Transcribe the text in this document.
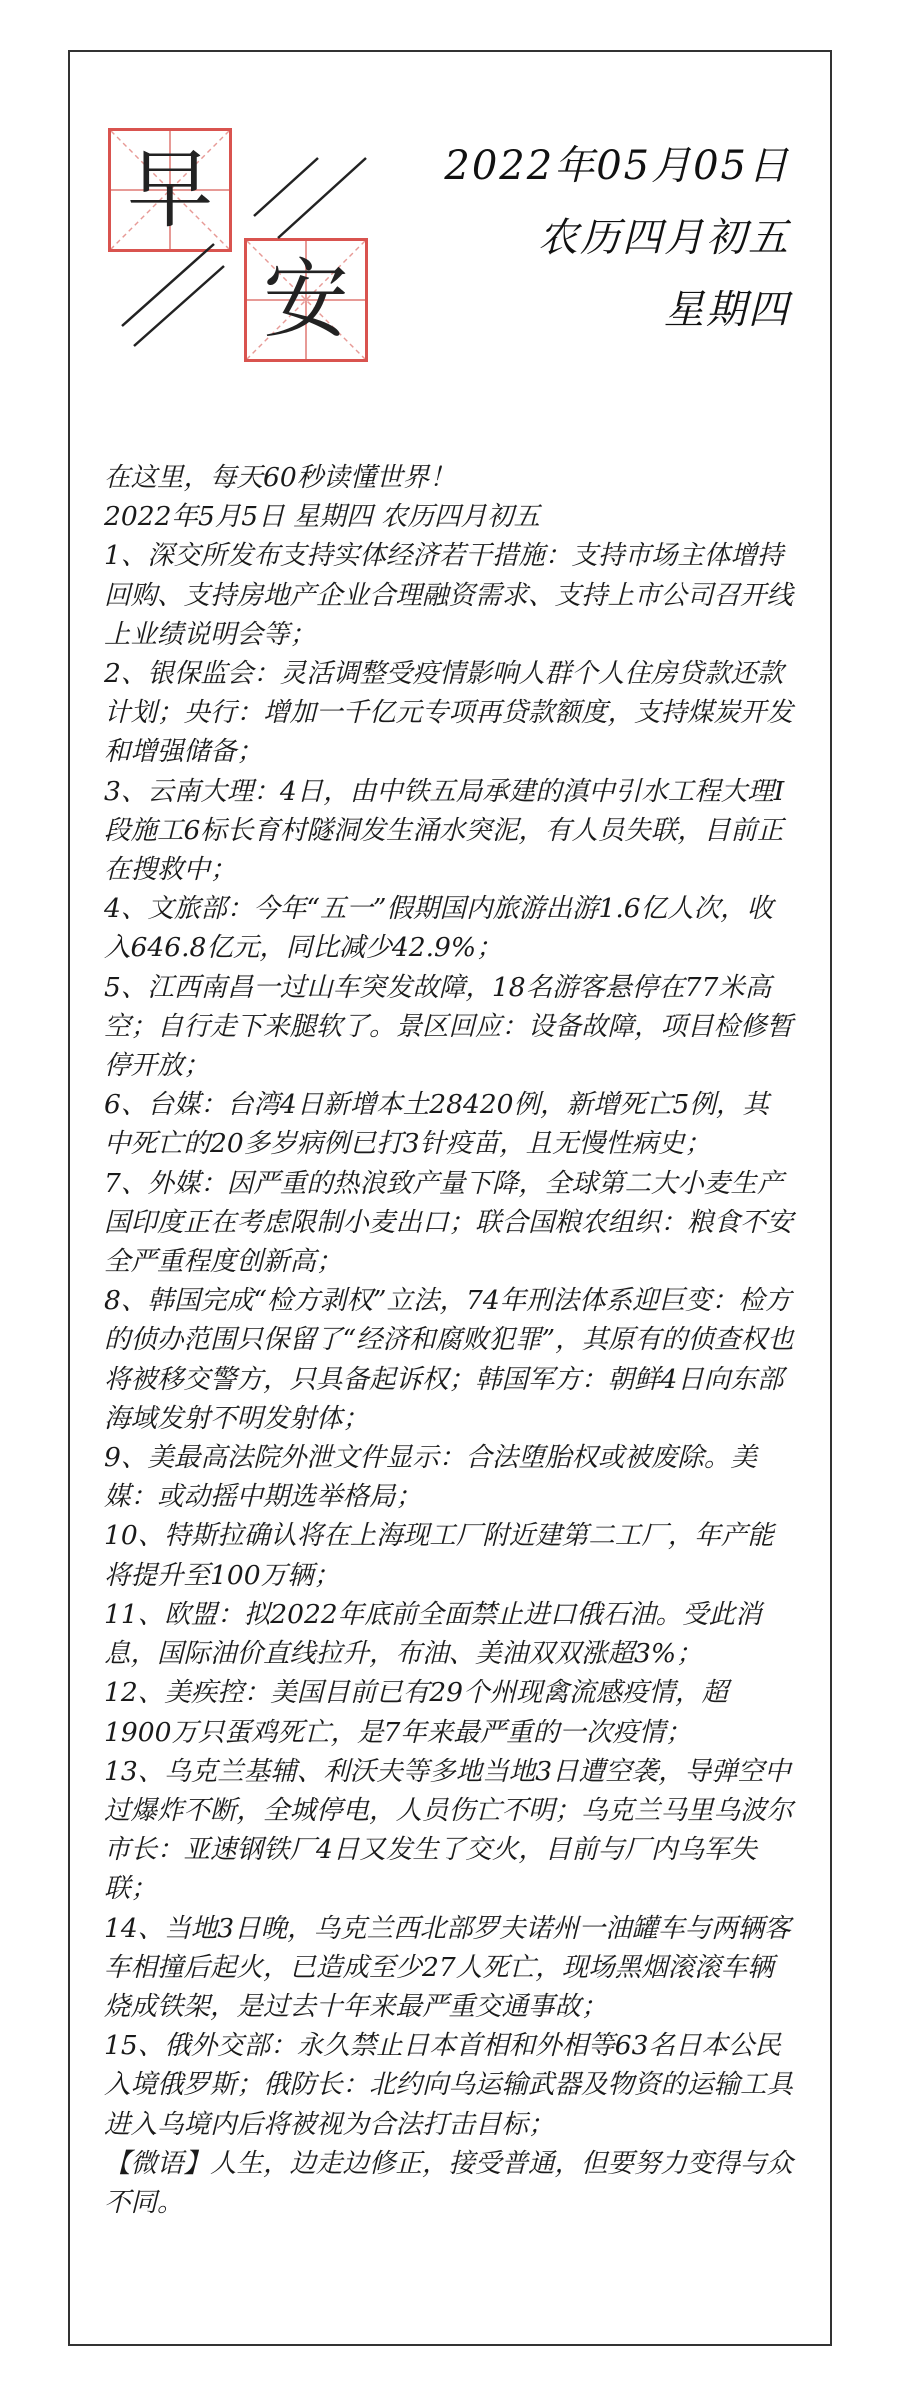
早
安
2022年05月05日
农历四月初五
星期四

在这里，每天60秒读懂世界！

2022年5月5日 星期四 农历四月初五

1、深交所发布支持实体经济若干措施：支持市场主体增持回购、支持房地产企业合理融资需求、支持上市公司召开线上业绩说明会等；

2、银保监会：灵活调整受疫情影响人群个人住房贷款还款计划；央行：增加一千亿元专项再贷款额度，支持煤炭开发和增强储备；

3、云南大理：4日，由中铁五局承建的滇中引水工程大理Ⅰ段施工6标长育村隧洞发生涌水突泥，有人员失联，目前正在搜救中；

4、文旅部：今年“五一”假期国内旅游出游1.6亿人次，收入646.8亿元，同比减少42.9%；

5、江西南昌一过山车突发故障，18名游客悬停在77米高空；自行走下来腿软了。景区回应：设备故障，项目检修暂停开放；

6、台媒：台湾4日新增本土28420例，新增死亡5例，其中死亡的20多岁病例已打3针疫苗，且无慢性病史；

7、外媒：因严重的热浪致产量下降，全球第二大小麦生产国印度正在考虑限制小麦出口；联合国粮农组织：粮食不安全严重程度创新高；

8、韩国完成“检方剥权”立法，74年刑法体系迎巨变：检方的侦办范围只保留了“经济和腐败犯罪”，其原有的侦查权也将被移交警方，只具备起诉权；韩国军方：朝鲜4日向东部海域发射不明发射体；

9、美最高法院外泄文件显示：合法堕胎权或被废除。美媒：或动摇中期选举格局；

10、特斯拉确认将在上海现工厂附近建第二工厂，年产能将提升至100万辆；

11、欧盟：拟2022年底前全面禁止进口俄石油。受此消息，国际油价直线拉升，布油、美油双双涨超3%；

12、美疾控：美国目前已有29个州现禽流感疫情，超1900万只蛋鸡死亡，是7年来最严重的一次疫情；

13、乌克兰基辅、利沃夫等多地当地3日遭空袭，导弹空中过爆炸不断，全城停电，人员伤亡不明；乌克兰马里乌波尔市长：亚速钢铁厂4日又发生了交火，目前与厂内乌军失联；

14、当地3日晚，乌克兰西北部罗夫诺州一油罐车与两辆客车相撞后起火，已造成至少27人死亡，现场黑烟滚滚车辆烧成铁架，是过去十年来最严重交通事故；

15、俄外交部：永久禁止日本首相和外相等63名日本公民入境俄罗斯；俄防长：北约向乌运输武器及物资的运输工具进入乌境内后将被视为合法打击目标；

【微语】人生，边走边修正，接受普通，但要努力变得与众不同。
